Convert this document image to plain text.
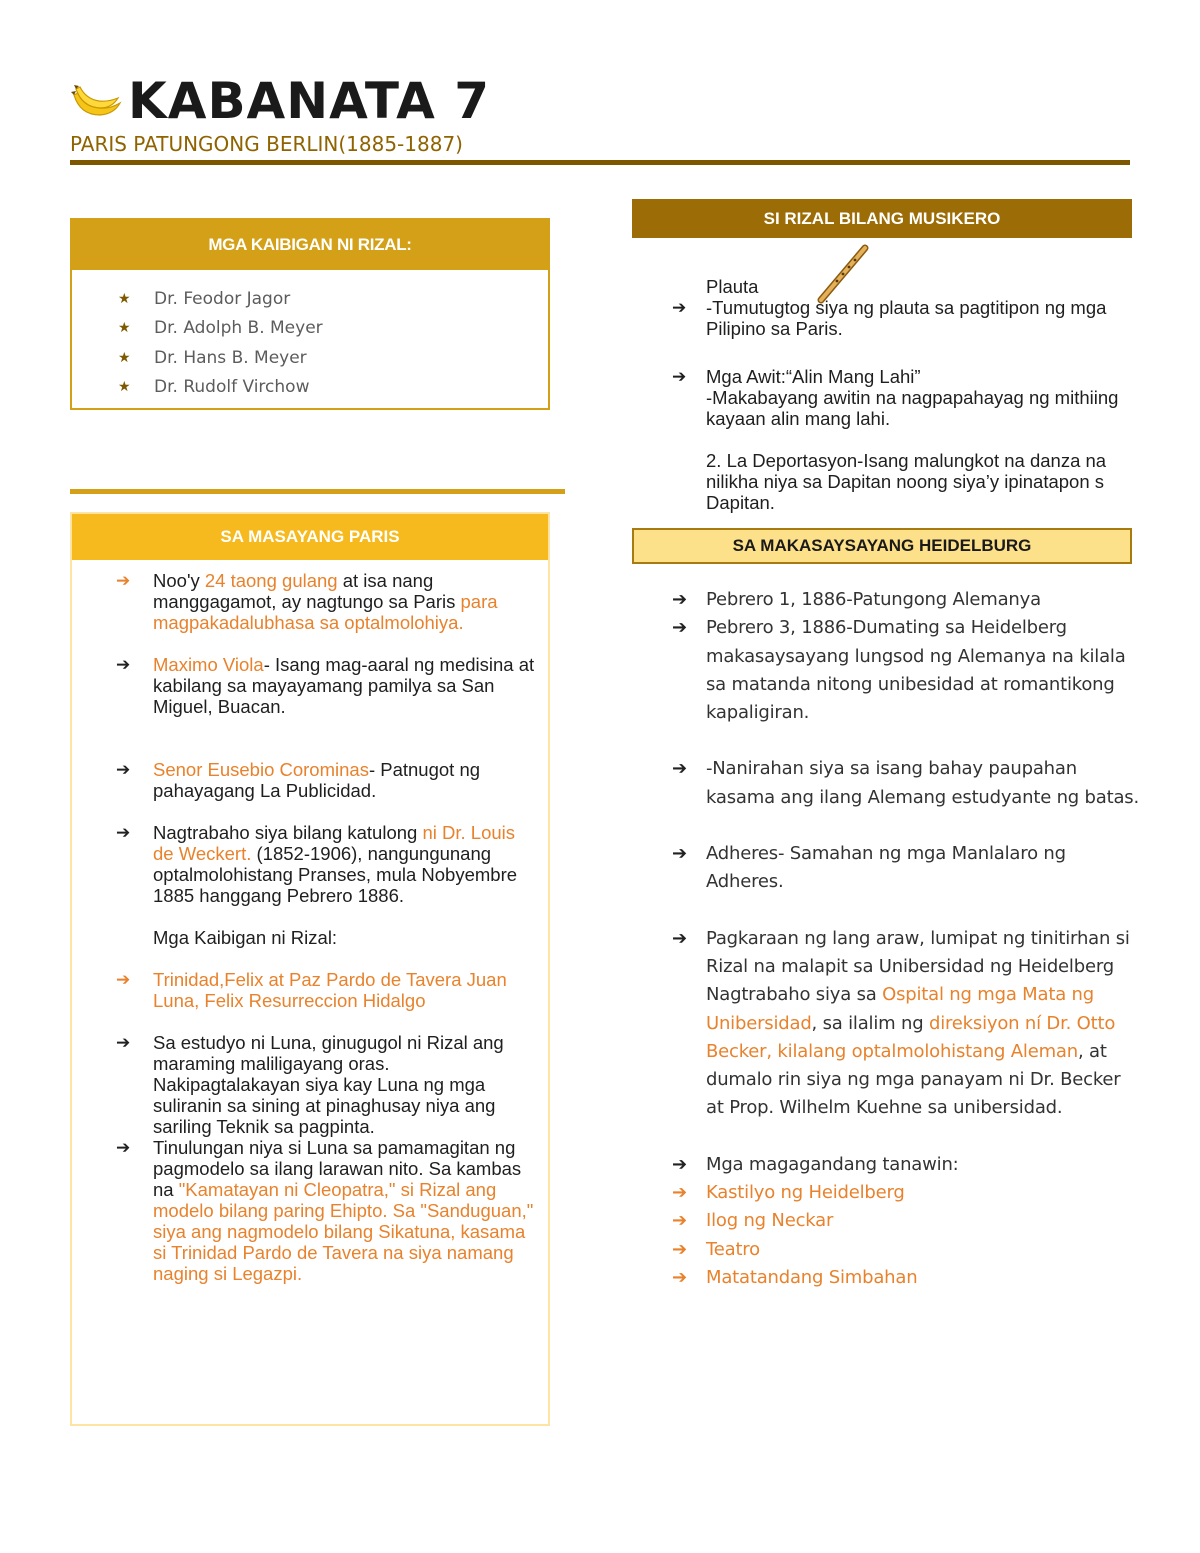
KABANATA 7
PARIS PATUNGONG BERLIN(1885-1887)
MGA KAIBIGAN NI RIZAL:
★	Dr. Feodor Jagor
★	Dr. Adolph B. Meyer
★	Dr. Hans B. Meyer
★	Dr. Rudolf Virchow
SA MASAYANG PARIS
➔ Noo'y 24 taong gulang at isa nang manggagamot, ay nagtungo sa Paris para magpakadalubhasa sa optalmolohiya.
➔ Maximo Viola- Isang mag-aaral ng medisina at kabilang sa mayayamang pamilya sa San Miguel, Buacan.
➔ Senor Eusebio Corominas- Patnugot ng pahayagang La Publicidad.
➔ Nagtrabaho siya bilang katulong ni Dr. Louis de Weckert. (1852-1906), nangungunang optalmolohistang Pranses, mula Nobyembre 1885 hanggang Pebrero 1886.
Mga Kaibigan ni Rizal:
➔ Trinidad,Felix at Paz Pardo de Tavera Juan Luna, Felix Resurreccion Hidalgo
➔ Sa estudyo ni Luna, ginugugol ni Rizal ang maraming maliligayang oras. Nakipagtalakayan siya kay Luna ng mga suliranin sa sining at pinaghusay niya ang sariling Teknik sa pagpinta.
➔ Tinulungan niya si Luna sa pamamagitan ng pagmodelo sa ilang larawan nito. Sa kambas na "Kamatayan ni Cleopatra," si Rizal ang modelo bilang paring Ehipto. Sa "Sanduguan," siya ang nagmodelo bilang Sikatuna, kasama si Trinidad Pardo de Tavera na siya namang naging si Legazpi.
SI RIZAL BILANG MUSIKERO
Plauta
➔ -Tumutugtog siya ng plauta sa pagtitipon ng mga Pilipino sa Paris.
➔ Mga Awit:“Alin Mang Lahi”
-Makabayang awitin na nagpapahayag ng mithiing kayaan alin mang lahi.
2. La Deportasyon-Isang malungkot na danza na nilikha niya sa Dapitan noong siya’y ipinatapon s Dapitan.
SA MAKASAYSAYANG HEIDELBURG
➔ Pebrero 1, 1886-Patungong Alemanya
➔ Pebrero 3, 1886-Dumating sa Heidelberg makasaysayang lungsod ng Alemanya na kilala sa matanda nitong unibesidad at romantikong kapaligiran.
➔ -Nanirahan siya sa isang bahay paupahan kasama ang ilang Alemang estudyante ng batas.
➔ Adheres- Samahan ng mga Manlalaro ng Adheres.
➔ Pagkaraan ng lang araw, lumipat ng tinitirhan si Rizal na malapit sa Unibersidad ng Heidelberg Nagtrabaho siya sa Ospital ng mga Mata ng Unibersidad, sa ilalim ng direksiyon ní Dr. Otto Becker, kilalang optalmolohistang Aleman, at dumalo rin siya ng mga panayam ni Dr. Becker at Prop. Wilhelm Kuehne sa unibersidad.
➔ Mga magagandang tanawin:
➔ Kastilyo ng Heidelberg
➔ Ilog ng Neckar
➔ Teatro
➔ Matatandang Simbahan
